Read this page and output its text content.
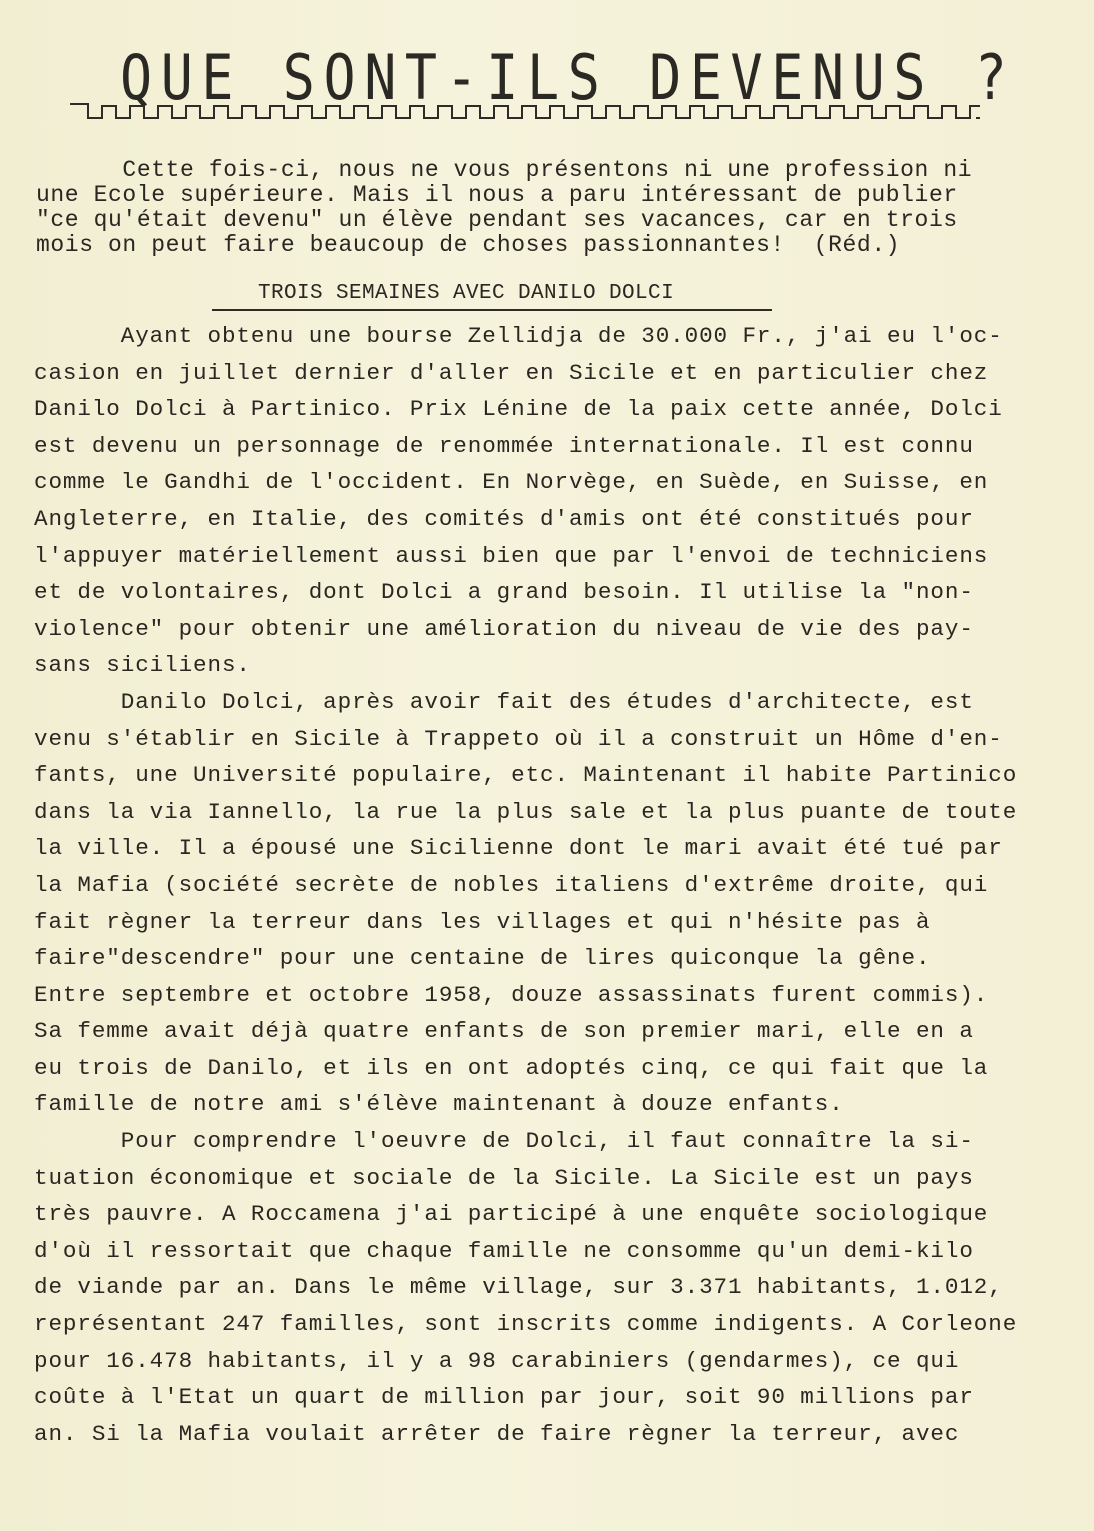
QUE SONT-ILS DEVENUS ?

Cette fois-ci, nous ne vous présentons ni une profession ni

une Ecole supérieure. Mais il nous a paru intéressant de publier

"ce qu'était devenu" un élève pendant ses vacances, car en trois

mois on peut faire beaucoup de choses passionnantes!  (Réd.)

TROIS SEMAINES AVEC DANILO DOLCI

Ayant obtenu une bourse Zellidja de 30.000 Fr., j'ai eu l'oc-

casion en juillet dernier d'aller en Sicile et en particulier chez

Danilo Dolci à Partinico. Prix Lénine de la paix cette année, Dolci

est devenu un personnage de renommée internationale. Il est connu

comme le Gandhi de l'occident. En Norvège, en Suède, en Suisse, en

Angleterre, en Italie, des comités d'amis ont été constitués pour

l'appuyer matériellement aussi bien que par l'envoi de techniciens

et de volontaires, dont Dolci a grand besoin. Il utilise la "non-

violence" pour obtenir une amélioration du niveau de vie des pay-

sans siciliens.

Danilo Dolci, après avoir fait des études d'architecte, est

venu s'établir en Sicile à Trappeto où il a construit un Hôme d'en-

fants, une Université populaire, etc. Maintenant il habite Partinico

dans la via Iannello, la rue la plus sale et la plus puante de toute

la ville. Il a épousé une Sicilienne dont le mari avait été tué par

la Mafia (société secrète de nobles italiens d'extrême droite, qui

fait règner la terreur dans les villages et qui n'hésite pas à

faire"descendre" pour une centaine de lires quiconque la gêne.

Entre septembre et octobre 1958, douze assassinats furent commis).

Sa femme avait déjà quatre enfants de son premier mari, elle en a

eu trois de Danilo, et ils en ont adoptés cinq, ce qui fait que la

famille de notre ami s'élève maintenant à douze enfants.

Pour comprendre l'oeuvre de Dolci, il faut connaître la si-

tuation économique et sociale de la Sicile. La Sicile est un pays

très pauvre. A Roccamena j'ai participé à une enquête sociologique

d'où il ressortait que chaque famille ne consomme qu'un demi-kilo

de viande par an. Dans le même village, sur 3.371 habitants, 1.012,

représentant 247 familles, sont inscrits comme indigents. A Corleone

pour 16.478 habitants, il y a 98 carabiniers (gendarmes), ce qui

coûte à l'Etat un quart de million par jour, soit 90 millions par

an. Si la Mafia voulait arrêter de faire règner la terreur, avec
